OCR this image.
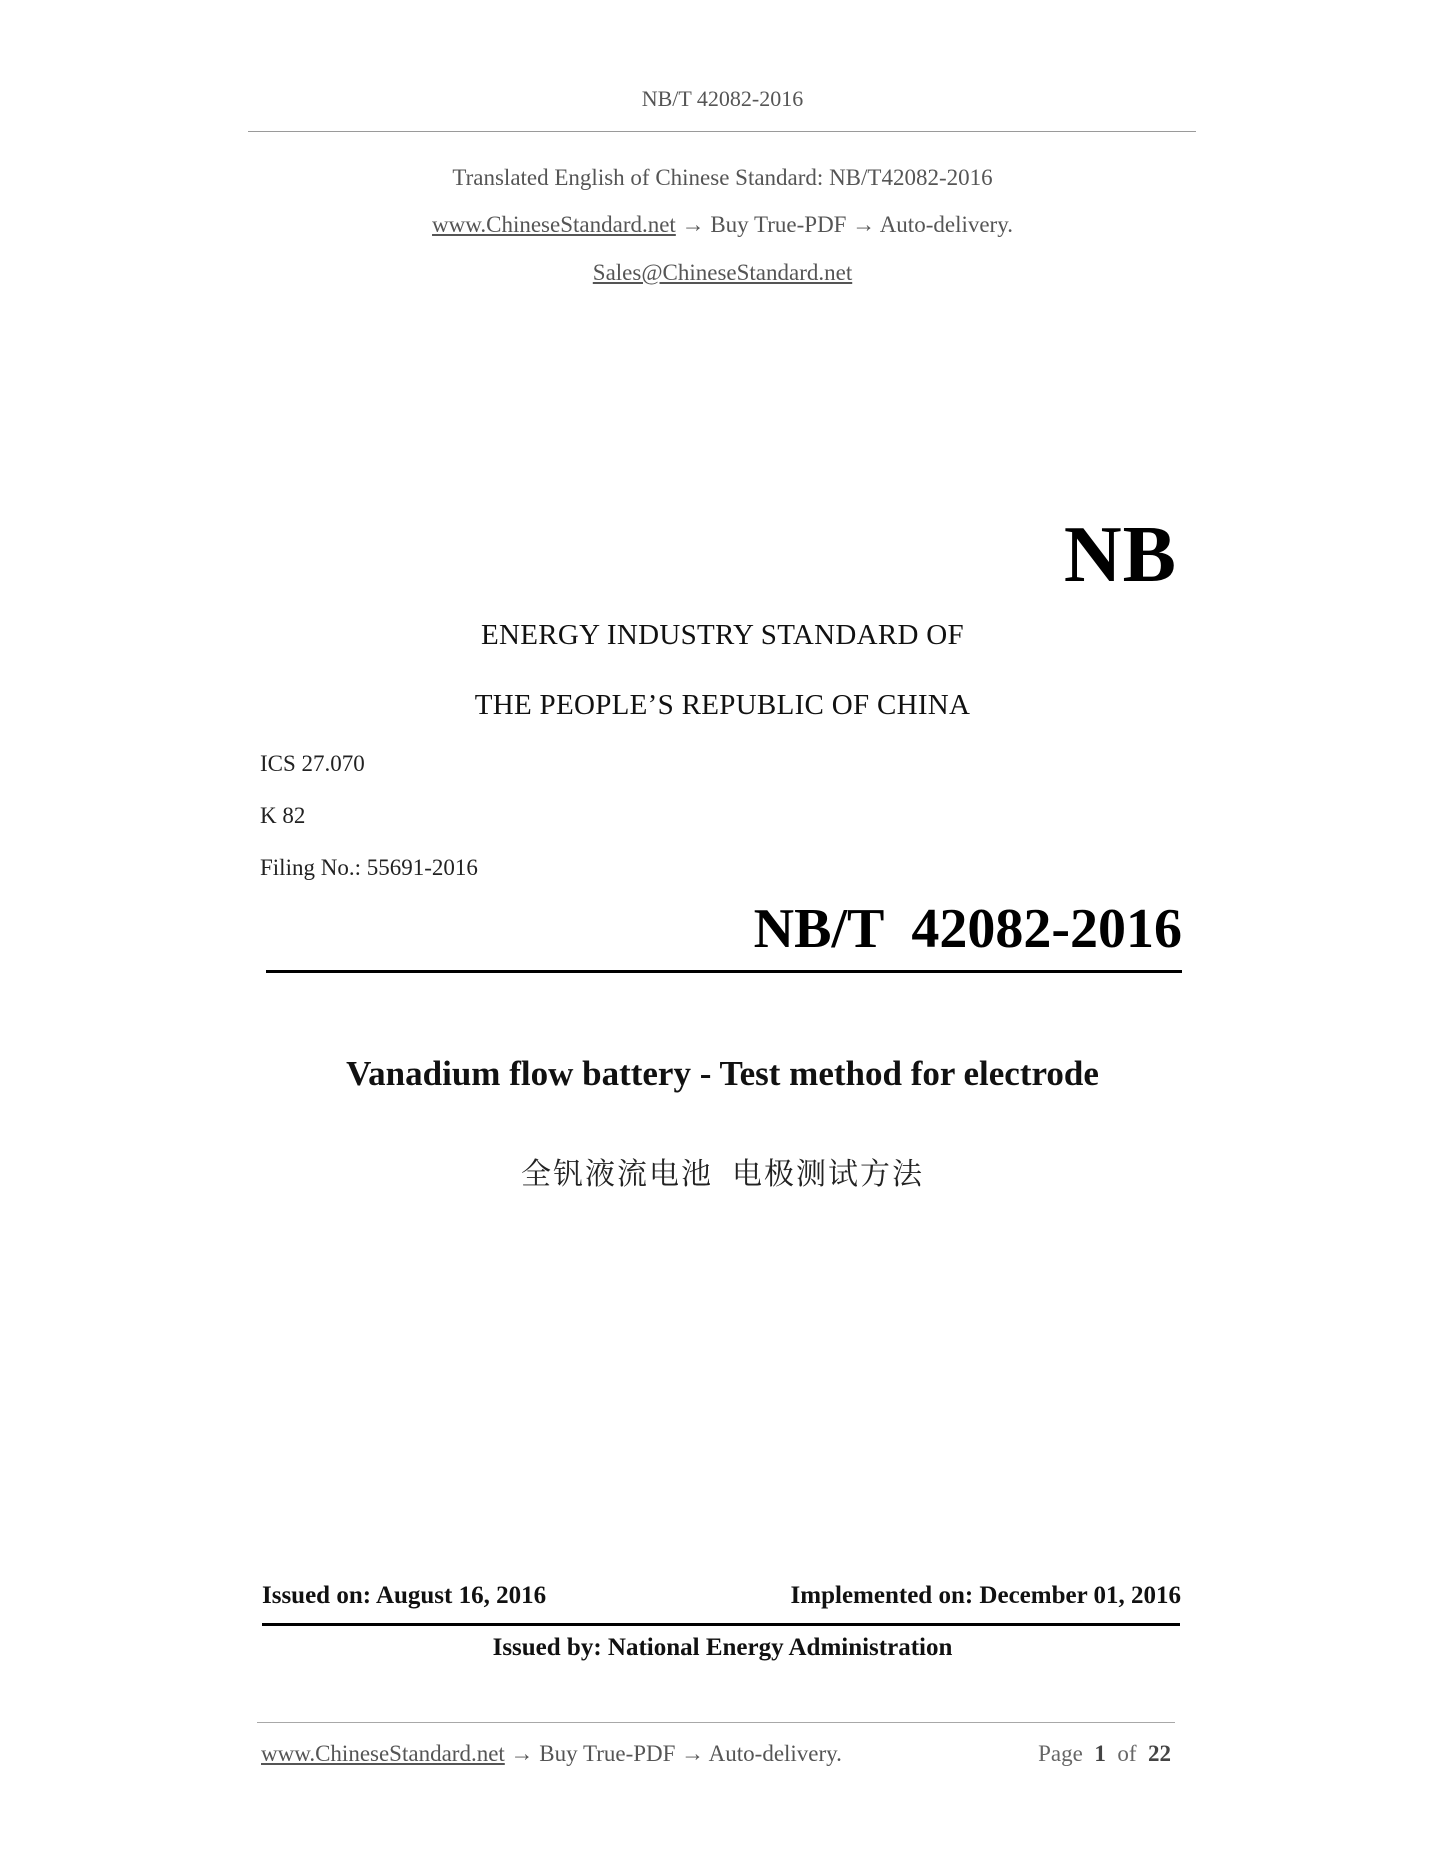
NB/T 42082-2016
Translated English of Chinese Standard: NB/T42082-2016
www.ChineseStandard.net → Buy True-PDF → Auto-delivery.
Sales@ChineseStandard.net
NB
ENERGY INDUSTRY STANDARD OF
THE PEOPLE’S REPUBLIC OF CHINA
ICS 27.070
K 82
Filing No.: 55691-2016
NB/T  42082-2016
Vanadium flow battery - Test method for electrode
全钒液流电池  电极测试方法
Issued on: August 16, 2016	Implemented on: December 01, 2016
Issued by: National Energy Administration
www.ChineseStandard.net → Buy True-PDF → Auto-delivery.	Page 1 of 22
